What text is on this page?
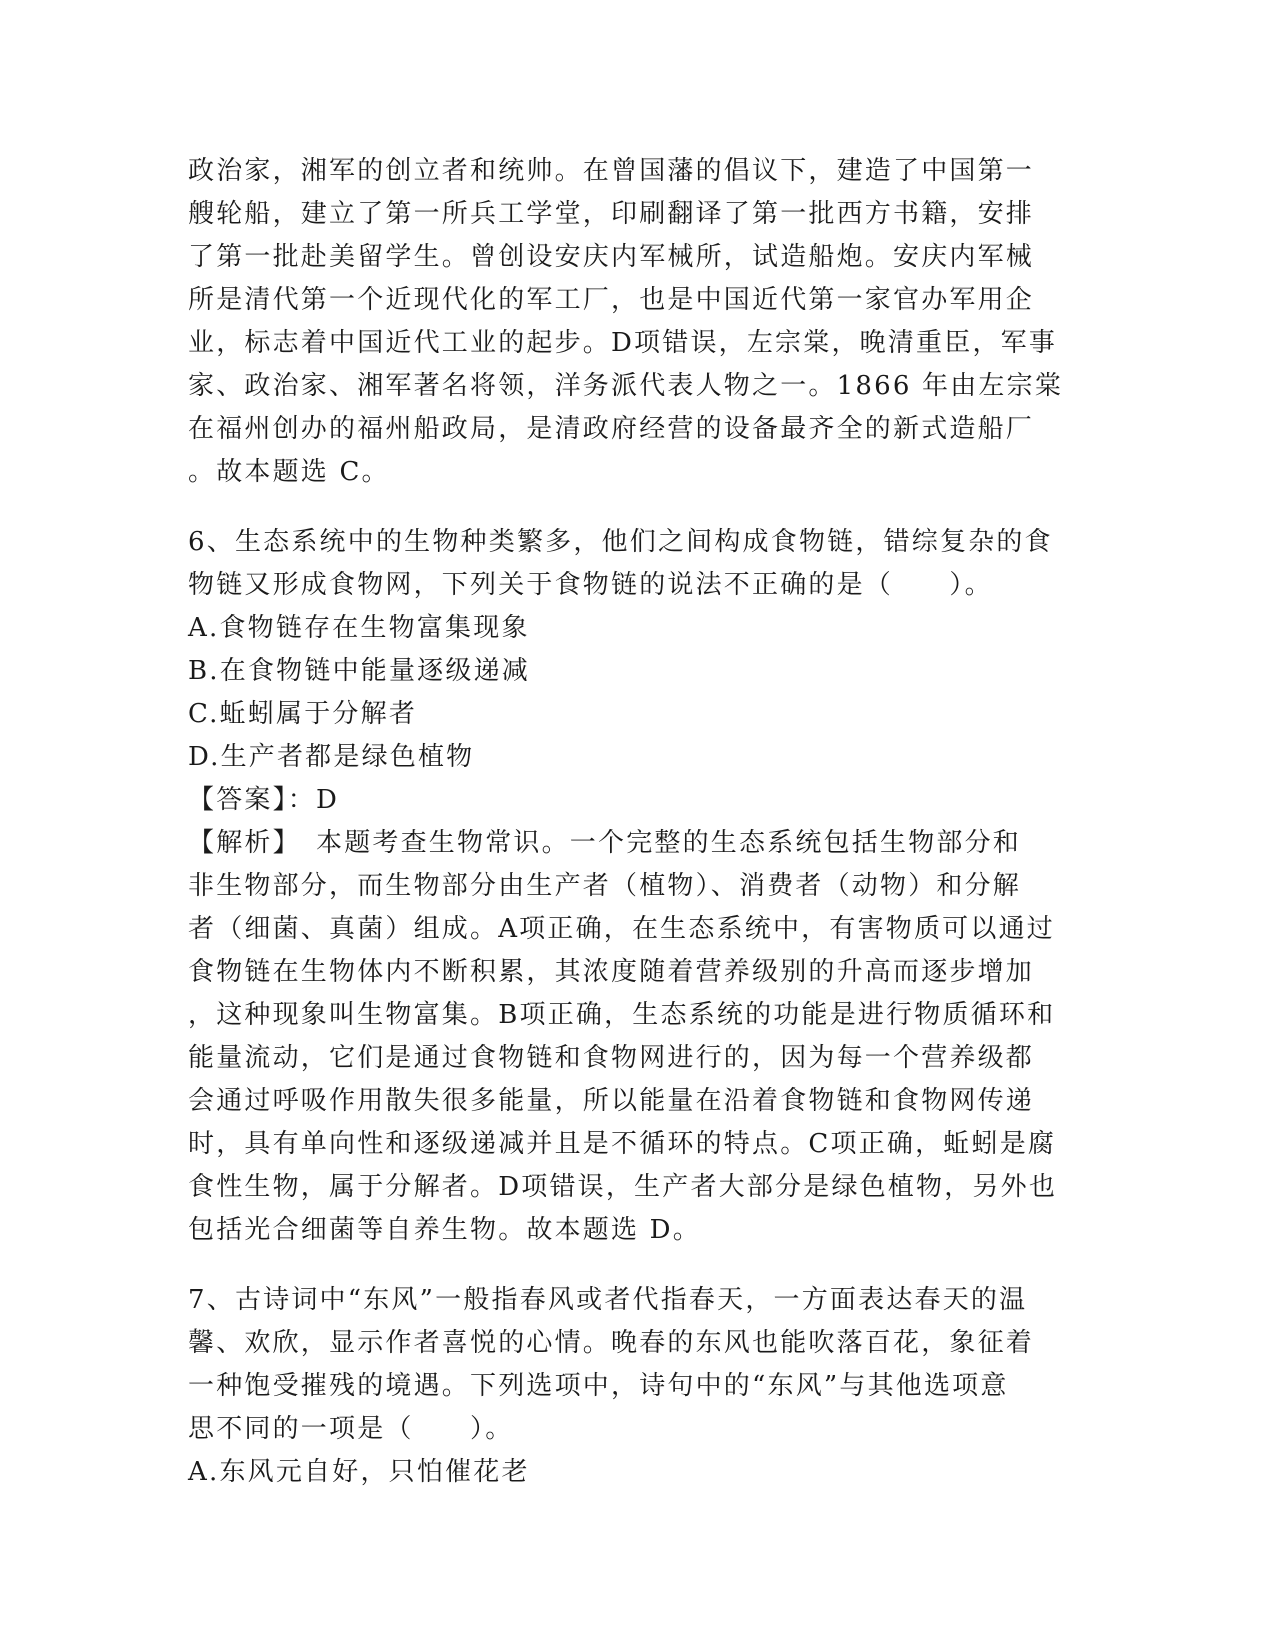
政治家，湘军的创立者和统帅。在曾国藩的倡议下，建造了中国第一
艘轮船，建立了第一所兵工学堂，印刷翻译了第一批西方书籍，安排
了第一批赴美留学生。曾创设安庆内军械所，试造船炮。安庆内军械
所是清代第一个近现代化的军工厂，也是中国近代第一家官办军用企
业，标志着中国近代工业的起步。D项错误，左宗棠，晚清重臣，军事
家、政治家、湘军著名将领，洋务派代表人物之一。1866 年由左宗棠
在福州创办的福州船政局，是清政府经营的设备最齐全的新式造船厂
。故本题选 C。
6、生态系统中的生物种类繁多，他们之间构成食物链，错综复杂的食
物链又形成食物网，下列关于食物链的说法不正确的是（　　）。
A.食物链存在生物富集现象
B.在食物链中能量逐级递减
C.蚯蚓属于分解者
D.生产者都是绿色植物
【答案】：D
【解析】　本题考查生物常识。一个完整的生态系统包括生物部分和
非生物部分，而生物部分由生产者（植物）、消费者（动物）和分解
者（细菌、真菌）组成。A项正确，在生态系统中，有害物质可以通过
食物链在生物体内不断积累，其浓度随着营养级别的升高而逐步增加
，这种现象叫生物富集。B项正确，生态系统的功能是进行物质循环和
能量流动，它们是通过食物链和食物网进行的，因为每一个营养级都
会通过呼吸作用散失很多能量，所以能量在沿着食物链和食物网传递
时，具有单向性和逐级递减并且是不循环的特点。C项正确，蚯蚓是腐
食性生物，属于分解者。D项错误，生产者大部分是绿色植物，另外也
包括光合细菌等自养生物。故本题选 D。
7、古诗词中“东风”一般指春风或者代指春天，一方面表达春天的温
馨、欢欣，显示作者喜悦的心情。晚春的东风也能吹落百花，象征着
一种饱受摧残的境遇。下列选项中，诗句中的“东风”与其他选项意
思不同的一项是（　　）。
A.东风元自好，只怕催花老
